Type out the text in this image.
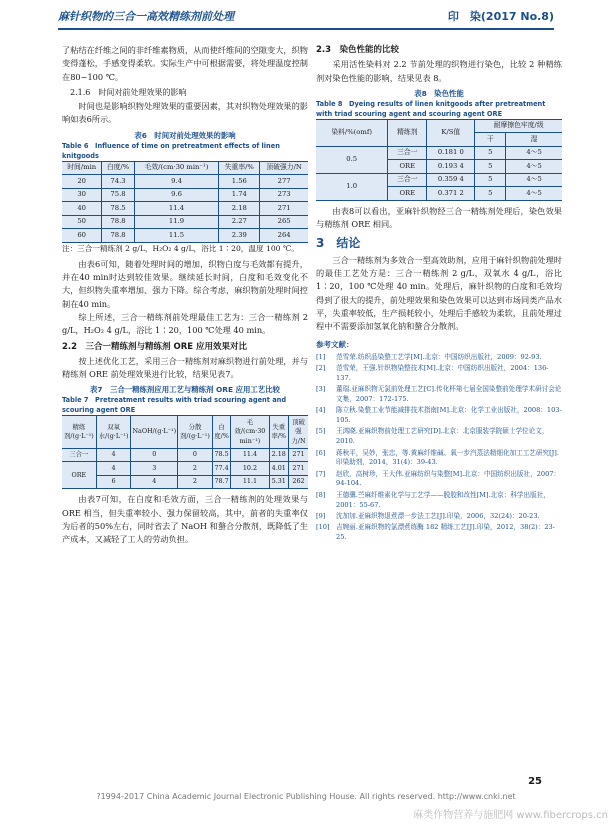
麻针织物的三合一高效精练剂前处理	印　染(2017 No.8)

了粘结在纤维之间的非纤维素物质，从而使纤维间的空隙变大，织物变得蓬松，手感变得柔软。实际生产中可根据需要，将处理温度控制在80~100 ℃。

2.1.6　时间对前处理效果的影响

时间也是影响织物处理效果的重要因素，其对织物处理效果的影响如表6所示。

表6　时间对前处理效果的影响
Table 6　Influence of time on pretreatment effects of linen knitgoods
时间/min	白度/%	毛效/(cm·30 min⁻¹)	失重率/%	顶破强力/N
20	74.3	9.4	1.56	277
30	75.8	9.6	1.74	273
40	78.5	11.4	2.18	271
50	78.8	11.9	2.27	265
60	78.8	11.5	2.39	264
注：三合一精练剂 2 g/L，H₂O₂ 4 g/L，浴比 1∶20，温度 100 ℃。

由表6可知，随着处理时间的增加，织物白度与毛效都有提升，并在40 min时达到较佳效果。继续延长时间，白度和毛效变化不大，但织物失重率增加、强力下降。综合考虑，麻织物前处理时间控制在40 min。

综上所述，三合一精练剂前处理最佳工艺为：三合一精练剂 2 g/L，H₂O₂ 4 g/L，浴比 1∶20，100 ℃处理 40 min。

2.2　三合一精练剂与精练剂 ORE 应用效果对比

按上述优化工艺，采用三合一精练剂对麻织物进行前处理，并与精练剂 ORE 前处理效果进行比较，结果见表7。

表7　三合一精练剂应用工艺与精练剂 ORE 应用工艺比较
Table 7　Pretreatment results with triad scouring agent and scouring agent ORE
精练剂/(g·L⁻¹)	双氧水/(g·L⁻¹)	NaOH/(g·L⁻¹)	分散剂/(g·L⁻¹)	白度/%	毛效/(cm·30 min⁻¹)	失重率/%	顶破强力/N
三合一	4	0	0	78.5	11.4	2.18	271
ORE	4	3	2	77.4	10.2	4.01	271
	6	4	2	78.7	11.1	5.31	262

由表7可知，在白度和毛效方面，三合一精练剂的处理效果与 ORE 相当，但失重率较小、强力保留较高，其中，前者的失重率仅为后者的50%左右，同时省去了 NaOH 和螯合分散剂，既降低了生产成本，又减轻了工人的劳动负担。

2.3　染色性能的比较

采用活性染料对 2.2 节前处理的织物进行染色，比较 2 种精练剂对染色性能的影响，结果见表 8。

表8　染色性能
Table 8　Dyeing results of linen knitgoods after pretreatment with triad scouring agent and scouring agent ORE
染料/%(omf)	精练剂	K/S值	耐摩擦色牢度/级	
			干	湿
0.5	三合一	0.181 0	5	4～5
	ORE	0.193 4	5	4～5
1.0	三合一	0.359 4	5	4～5
	ORE	0.371 2	5	4～5

由表8可以看出，亚麻针织物经三合一精练剂处理后，染色效果与精练剂 ORE 相同。

3　结论

三合一精练剂为多效合一型高效助剂，应用于麻针织物前处理时的最佳工艺处方是：三合一精练剂 2 g/L，双氧水 4 g/L，浴比 1∶20，100 ℃处理 40 min。处理后，麻针织物的白度和毛效均得到了很大的提升，前处理效果和染色效果可以达到市场同类产品水平，失重率较低，生产损耗较小，处理后手感较为柔软，且前处理过程中不需要添加氢氧化钠和螯合分散剂。

参考文献：
[1]	范雪荣.纺织品染整工艺学[M].北京：中国纺织出版社，2009：92-93.
[2]	范雪荣，王强.针织物染整技术[M].北京：中国纺织出版社，2004：136-137.
[3]	董瑞.亚麻织物无氯前处理工艺[C].传化杯第七届全国染整前处理学术研讨会论文集，2007：172-175.
[4]	陈立秋.染整工业节能减排技术指南[M].北京：化学工业出版社，2008：103-105.
[5]	王鸿晓.亚麻织物前处理工艺研究[D].北京：北京服装学院硕士学位论文，2010.
[6]	蒋秋平，吴妙，张忠，等.黄麻纤维碱、氧一步汽蒸法精细化加工工艺研究[J].印染助剂，2014，31(4)：39-43.
[7]	赵欣，高树珍，王大伟.亚麻纺织与染整[M].北京：中国纺织出版社，2007：94-104.
[8]	王德骥.苎麻纤维素化学与工艺学——脱胶和改性[M].北京：科学出版社，2001：55-67.
[9]	沈加加.亚麻织物退煮漂一步法工艺[J].印染，2006，32(24)：20-23.
[10] 吉婉丽.亚麻织物的氯漂煮练酶 182 精练工艺[J].印染，2012，38(2)：23-25.
25
?1994-2017 China Academic Journal Electronic Publishing House. All rights reserved. http://www.cnki.net
麻类作物营养与施肥网 www.fibercrops.cn
